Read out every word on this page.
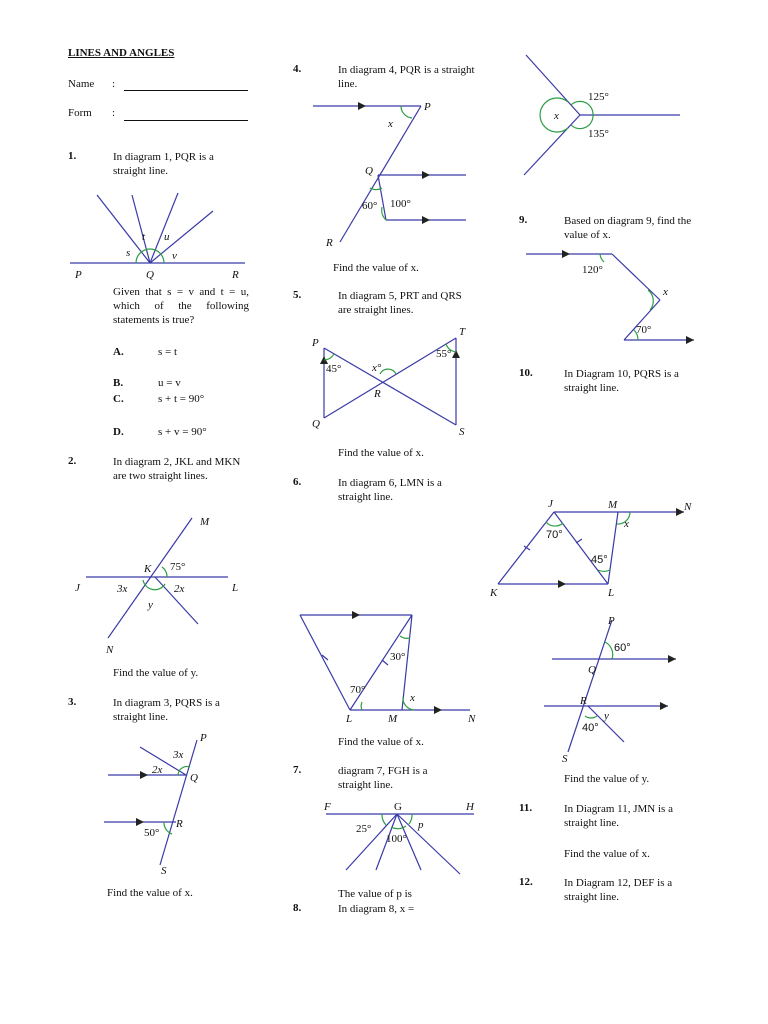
LINES AND ANGLES
Name :
Form :
1.	In diagram 1, PQR is a straight line.
Given that s = v and t = u, which of the following statements is true?
A.	s = t
B.	u = v
C.	s + t = 90°
D.	s + v = 90°
2.	In diagram 2, JKL and MKN are two straight lines.
Find the value of y.
3.	In diagram 3, PQRS is a straight line.
Find the value of x.
4.	In diagram 4, PQR is a straight line.
Find the value of x.
5.	In diagram 5, PRT and QRS are straight lines.
Find the value of x.
6.	In diagram 6, LMN is a straight line.
Find the value of x.
7.	diagram 7, FGH is a straight line.
The value of p is
8.	In diagram 8, x =
9.	Based on diagram 9, find the value of x.
10.	In Diagram 10, PQRS is a straight line.
Find the value of y.
11.	In Diagram 11, JMN is a straight line.
Find the value of x.
12.	In Diagram 12, DEF is a straight line.
P	Q	R
s
t u
v
J
K
L
M
N
75°
3x	2x
y
P
Q
R
S
3x
2x
50°
P
Q
R
x
60° 100°
P
Q
R
S
T
45°
55°
x°
L	M	N
70°
30°
x
F	G	H
25°
100°
p
125°
135°
x
120°
x
70°
J	M	N
K	L
70°
45°
x
P
Q
R
S
60°
40°
y
